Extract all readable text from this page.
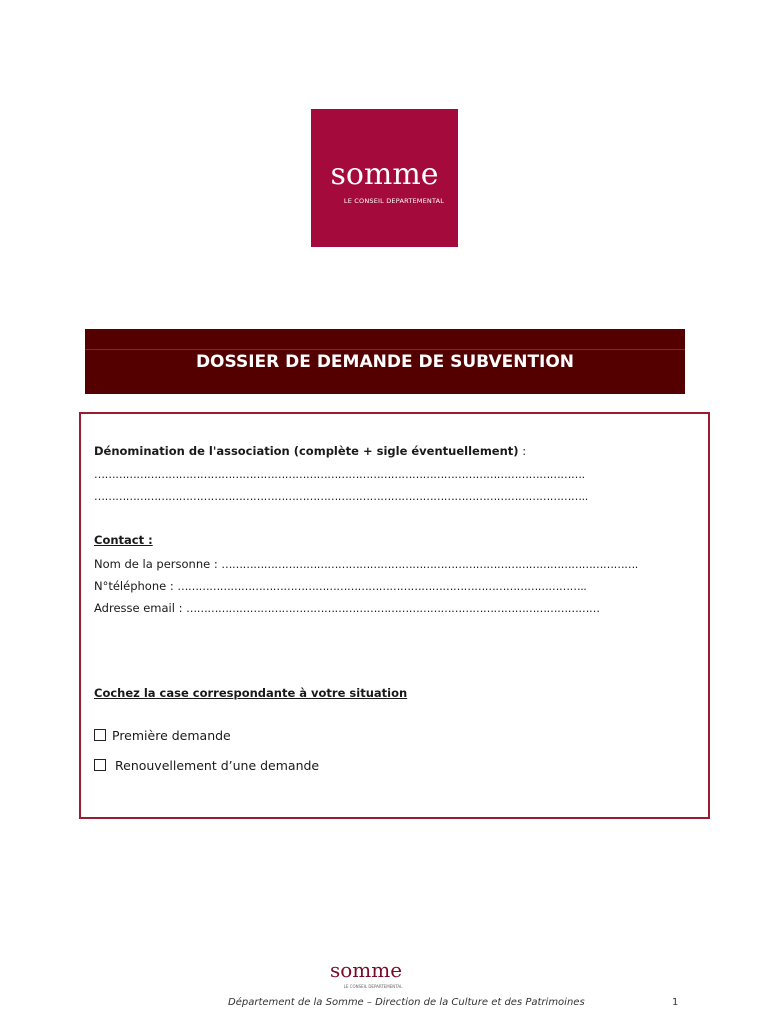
somme
LE CONSEIL DEPARTEMENTAL
DOSSIER DE DEMANDE DE SUBVENTION
Dénomination de l'association (complète + sigle éventuellement) :
………………………………………………………………………………………………………………………….
…………………………………………………………………………………………………………………………..
Contact :
Nom de la personne : ……………………………………………………………………………………………………….
N°téléphone : ……………………………………………………………………………………………………..
Adresse email : ………………………………………………………………………………………………………
Cochez la case correspondante à votre situation
Première demande
Renouvellement d’une demande
somme
LE CONSEIL DEPARTEMENTAL
Département de la Somme – Direction de la Culture et des Patrimoines	1
